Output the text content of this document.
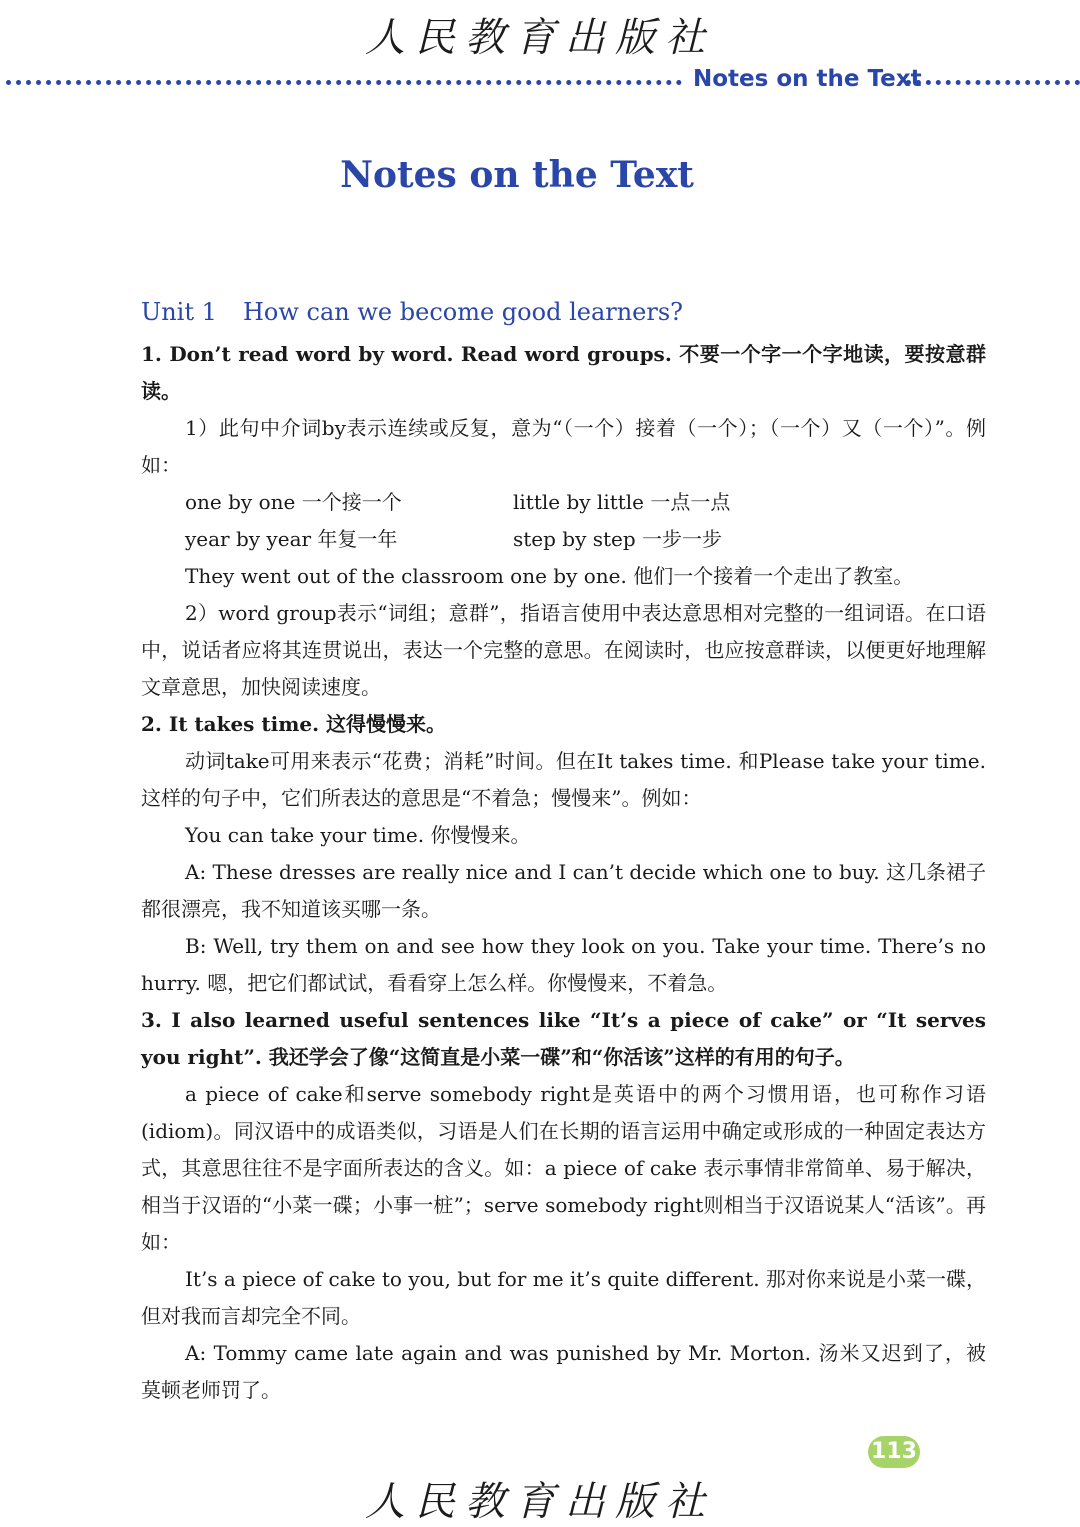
人民教育出版社
Notes on the Text
Notes on the Text
Unit 1 How can we become good learners?

1. Don’t read word by word. Read word groups. 不要一个字一个字地读，要按意群读。

1）此句中介词by表示连续或反复，意为“（一个）接着（一个）；（一个）又（一个）”。例如：

one by one 一个接一个	little by little 一点一点
year by year 年复一年	step by step 一步一步

They went out of the classroom one by one. 他们一个接着一个走出了教室。

2）word group表示“词组；意群”，指语言使用中表达意思相对完整的一组词语。在口语中，说话者应将其连贯说出，表达一个完整的意思。在阅读时，也应按意群读，以便更好地理解文章意思，加快阅读速度。

2. It takes time. 这得慢慢来。

动词take可用来表示“花费；消耗”时间。但在It takes time. 和Please take your time.这样的句子中，它们所表达的意思是“不着急；慢慢来”。例如：

You can take your time. 你慢慢来。

A: These dresses are really nice and I can’t decide which one to buy. 这几条裙子都很漂亮，我不知道该买哪一条。

B: Well, try them on and see how they look on you. Take your time. There’s no hurry. 嗯，把它们都试试，看看穿上怎么样。你慢慢来，不着急。

3. I also learned useful sentences like “It’s a piece of cake” or “It serves you right”. 我还学会了像“这简直是小菜一碟”和“你活该”这样的有用的句子。

a piece of cake和serve somebody right是英语中的两个习惯用语，也可称作习语(idiom)。同汉语中的成语类似，习语是人们在长期的语言运用中确定或形成的一种固定表达方式，其意思往往不是字面所表达的含义。如：a piece of cake 表示事情非常简单、易于解决，相当于汉语的“小菜一碟；小事一桩”；serve somebody right则相当于汉语说某人“活该”。再如：

It’s a piece of cake to you, but for me it’s quite different. 那对你来说是小菜一碟，但对我而言却完全不同。

A: Tommy came late again and was punished by Mr. Morton. 汤米又迟到了，被莫顿老师罚了。

113
人民教育出版社
